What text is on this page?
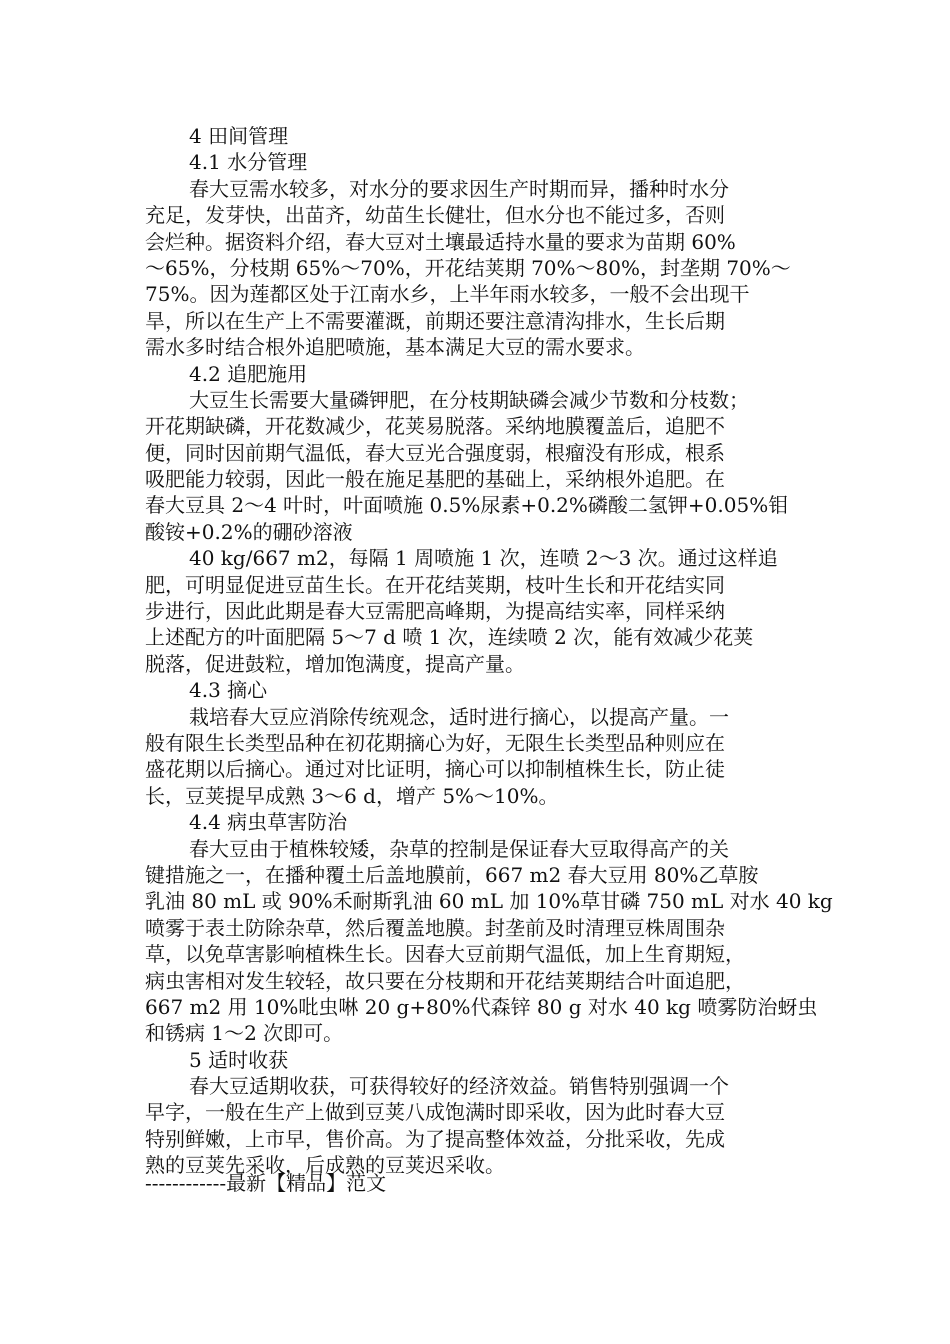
4 田间管理

4.1 水分管理

春大豆需水较多，对水分的要求因生产时期而异，播种时水分

充足，发芽快，出苗齐，幼苗生长健壮，但水分也不能过多，否则

会烂种。据资料介绍，春大豆对土壤最适持水量的要求为苗期 60%

～65%，分枝期 65%～70%，开花结荚期 70%～80%，封垄期 70%～

75%。因为莲都区处于江南水乡，上半年雨水较多，一般不会出现干

旱，所以在生产上不需要灌溉，前期还要注意清沟排水，生长后期

需水多时结合根外追肥喷施，基本满足大豆的需水要求。

4.2 追肥施用

大豆生长需要大量磷钾肥，在分枝期缺磷会减少节数和分枝数；

开花期缺磷，开花数减少，花荚易脱落。采纳地膜覆盖后，追肥不

便，同时因前期气温低，春大豆光合强度弱，根瘤没有形成，根系

吸肥能力较弱，因此一般在施足基肥的基础上，采纳根外追肥。在

春大豆具 2～4 叶时，叶面喷施 0.5%尿素+0.2%磷酸二氢钾+0.05%钼

酸铵+0.2%的硼砂溶液

40 kg/667 m2，每隔 1 周喷施 1 次，连喷 2～3 次。通过这样追

肥，可明显促进豆苗生长。在开花结荚期，枝叶生长和开花结实同

步进行，因此此期是春大豆需肥高峰期，为提高结实率，同样采纳

上述配方的叶面肥隔 5～7 d 喷 1 次，连续喷 2 次，能有效减少花荚

脱落，促进鼓粒，增加饱满度，提高产量。

4.3 摘心

栽培春大豆应消除传统观念，适时进行摘心，以提高产量。一

般有限生长类型品种在初花期摘心为好，无限生长类型品种则应在

盛花期以后摘心。通过对比证明，摘心可以抑制植株生长，防止徒

长，豆荚提早成熟 3～6 d，增产 5%～10%。

4.4 病虫草害防治

春大豆由于植株较矮，杂草的控制是保证春大豆取得高产的关

键措施之一，在播种覆土后盖地膜前，667 m2 春大豆用 80%乙草胺

乳油 80 mL 或 90%禾耐斯乳油 60 mL 加 10%草甘磷 750 mL 对水 40 kg

喷雾于表土防除杂草，然后覆盖地膜。封垄前及时清理豆株周围杂

草，以免草害影响植株生长。因春大豆前期气温低，加上生育期短，

病虫害相对发生较轻，故只要在分枝期和开花结荚期结合叶面追肥，

667 m2 用 10%吡虫啉 20 g+80%代森锌 80 g 对水 40 kg 喷雾防治蚜虫

和锈病 1～2 次即可。

5 适时收获

春大豆适期收获，可获得较好的经济效益。销售特别强调一个

早字，一般在生产上做到豆荚八成饱满时即采收，因为此时春大豆

特别鲜嫩，上市早，售价高。为了提高整体效益，分批采收，先成

熟的豆荚先采收，后成熟的豆荚迟采收。

------------最新【精品】范文
